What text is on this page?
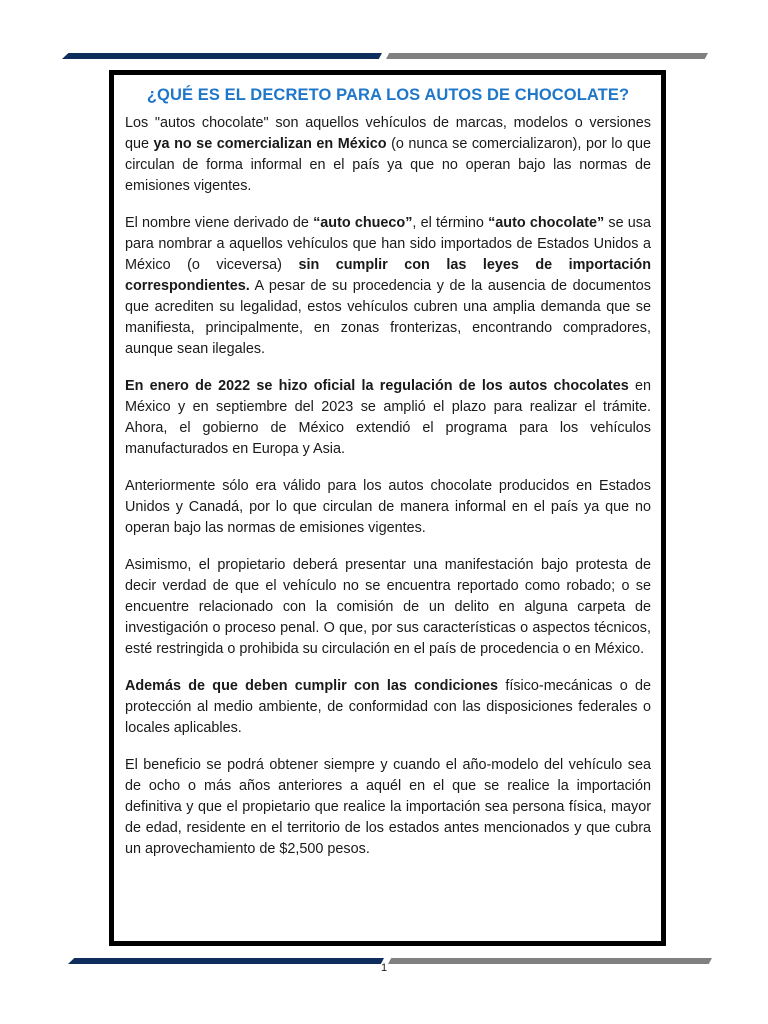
¿QUÉ ES EL DECRETO PARA LOS AUTOS DE CHOCOLATE?

Los "autos chocolate" son aquellos vehículos de marcas, modelos o versiones que ya no se comercializan en México (o nunca se comercializaron), por lo que circulan de forma informal en el país ya que no operan bajo las normas de emisiones vigentes.

El nombre viene derivado de “auto chueco”, el término “auto chocolate” se usa para nombrar a aquellos vehículos que han sido importados de Estados Unidos a México (o viceversa) sin cumplir con las leyes de importación correspondientes. A pesar de su procedencia y de la ausencia de documentos que acrediten su legalidad, estos vehículos cubren una amplia demanda que se manifiesta, principalmente, en zonas fronterizas, encontrando compradores, aunque sean ilegales.

En enero de 2022 se hizo oficial la regulación de los autos chocolates en México y en septiembre del 2023 se amplió el plazo para realizar el trámite. Ahora, el gobierno de México extendió el programa para los vehículos manufacturados en Europa y Asia.

Anteriormente sólo era válido para los autos chocolate producidos en Estados Unidos y Canadá, por lo que circulan de manera informal en el país ya que no operan bajo las normas de emisiones vigentes.

Asimismo, el propietario deberá presentar una manifestación bajo protesta de decir verdad de que el vehículo no se encuentra reportado como robado; o se encuentre relacionado con la comisión de un delito en alguna carpeta de investigación o proceso penal. O que, por sus características o aspectos técnicos, esté restringida o prohibida su circulación en el país de procedencia o en México.

Además de que deben cumplir con las condiciones físico-mecánicas o de protección al medio ambiente, de conformidad con las disposiciones federales o locales aplicables.

El beneficio se podrá obtener siempre y cuando el año-modelo del vehículo sea de ocho o más años anteriores a aquél en el que se realice la importación definitiva y que el propietario que realice la importación sea persona física, mayor de edad, residente en el territorio de los estados antes mencionados y que cubra un aprovechamiento de $2,500 pesos.

1
